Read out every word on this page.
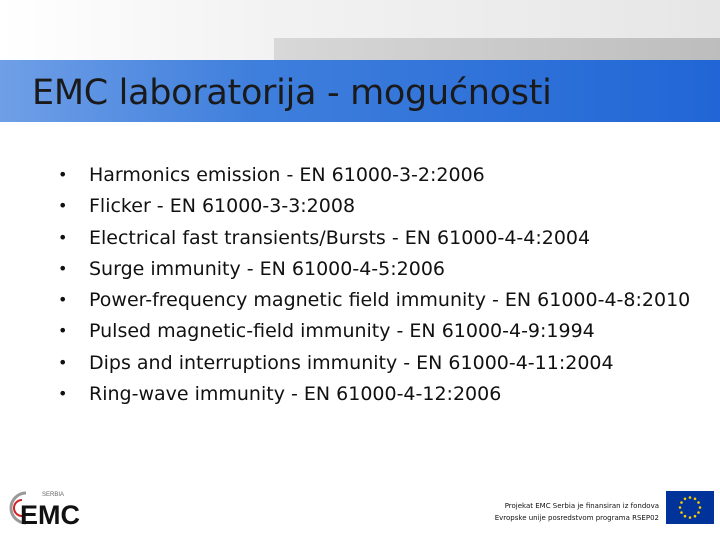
EMC laboratorija - mogućnosti
• Harmonics emission - EN 61000-3-2:2006
• Flicker - EN 61000-3-3:2008
• Electrical fast transients/Bursts - EN 61000-4-4:2004
• Surge immunity - EN 61000-4-5:2006
• Power-frequency magnetic field immunity - EN 61000-4-8:2010
• Pulsed magnetic-field immunity - EN 61000-4-9:1994
• Dips and interruptions immunity - EN 61000-4-11:2004
• Ring-wave immunity - EN 61000-4-12:2006
SERBIA
EMC	Projekat EMC Serbia je finansiran iz fondova
Evropske unije posredstvom programa RSEP02
